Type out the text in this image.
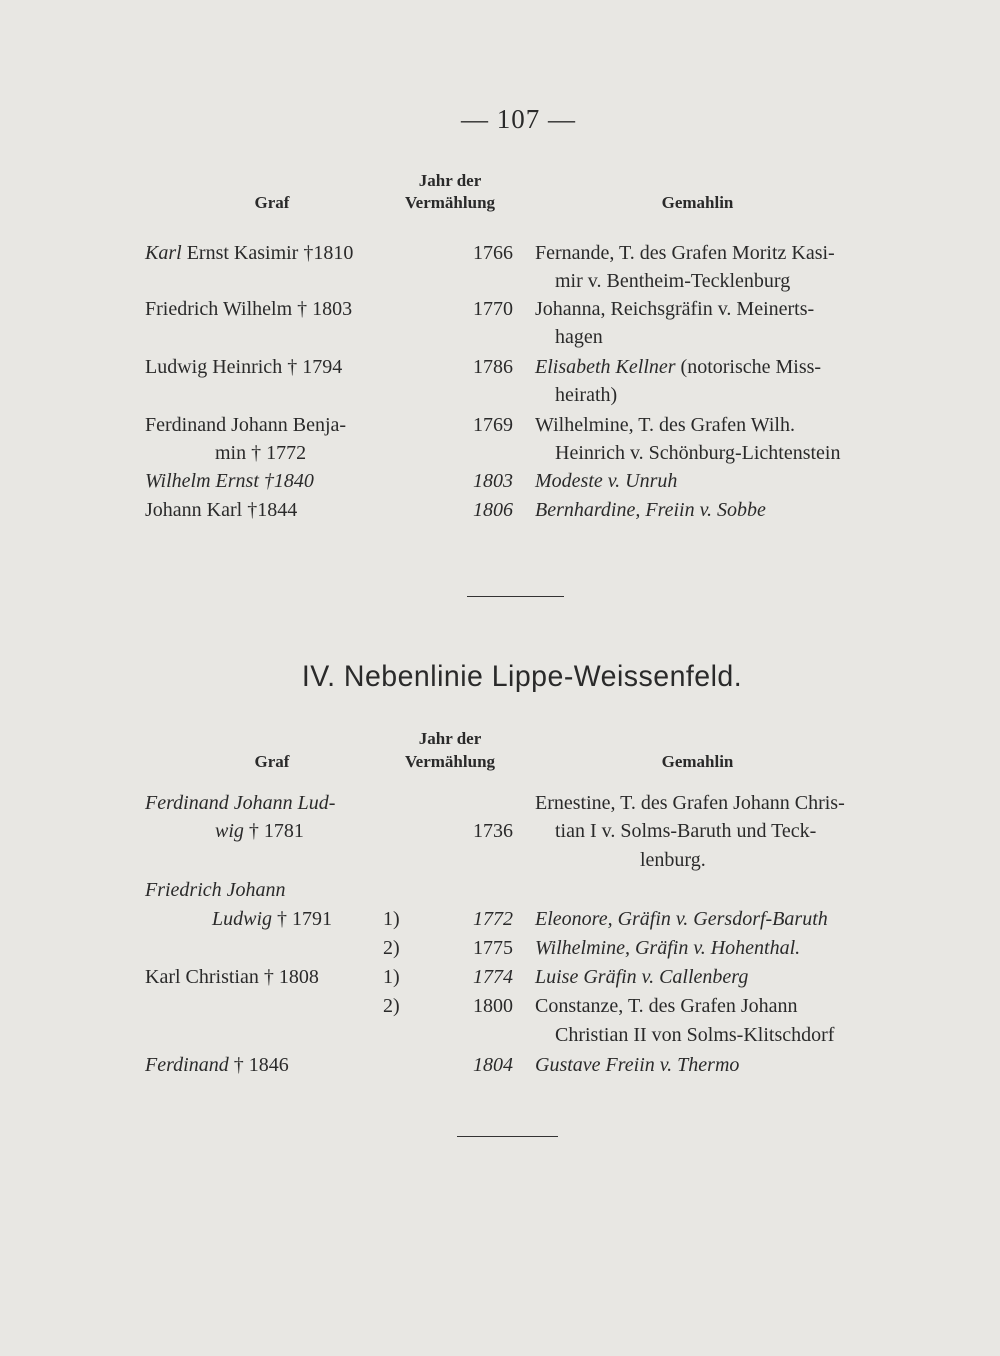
— 107 —
Graf
Jahr der
Vermählung	Gemahlin
Karl Ernst Kasimir †1810	1766 Fernande, T. des Grafen Moritz Kasi-
mir v. Bentheim-Tecklenburg
Friedrich Wilhelm † 1803	1770 Johanna, Reichsgräfin v. Meinerts-
hagen
Ludwig Heinrich † 1794	1786 Elisabeth Kellner (notorische Miss-
heirath)
Ferdinand Johann Benja-	1769 Wilhelmine, T. des Grafen Wilh.
min † 1772	Heinrich v. Schönburg-Lichtenstein
Wilhelm Ernst †1840	1803 Modeste v. Unruh
Johann Karl †1844	1806 Bernhardine, Freiin v. Sobbe
IV. Nebenlinie Lippe-Weissenfeld.
Graf
Jahr der
Vermählung	Gemahlin
Ferdinand Johann Lud-	Ernestine, T. des Grafen Johann Chris-
wig † 1781	1736 tian I v. Solms-Baruth und Teck-
lenburg.
Friedrich Johann
Ludwig † 1791	1)	1772 Eleonore, Gräfin v. Gersdorf-Baruth
2)	1775 Wilhelmine, Gräfin v. Hohenthal.
Karl Christian † 1808	1)	1774 Luise Gräfin v. Callenberg
2)	1800 Constanze, T. des Grafen Johann
Christian II von Solms-Klitschdorf
Ferdinand † 1846	1804 Gustave Freiin v. Thermo
